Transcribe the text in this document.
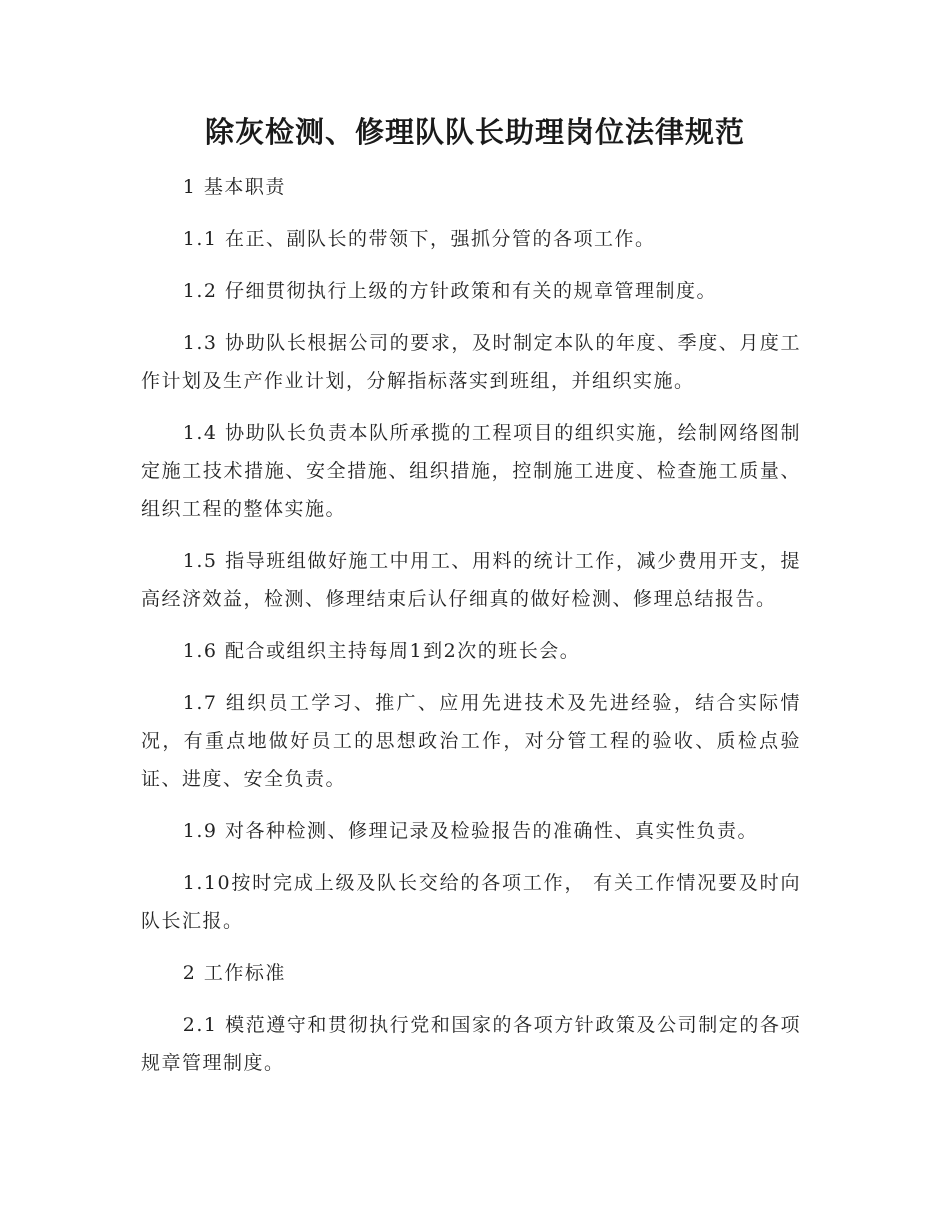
除灰检测、修理队队长助理岗位法律规范

1 基本职责

1.1 在正、副队长的带领下，强抓分管的各项工作。

1.2 仔细贯彻执行上级的方针政策和有关的规章管理制度。

1.3 协助队长根据公司的要求，及时制定本队的年度、季度、月度工作计划及生产作业计划，分解指标落实到班组，并组织实施。

1.4 协助队长负责本队所承揽的工程项目的组织实施，绘制网络图制定施工技术措施、安全措施、组织措施，控制施工进度、检查施工质量、组织工程的整体实施。

1.5 指导班组做好施工中用工、用料的统计工作，减少费用开支，提高经济效益，检测、修理结束后认仔细真的做好检测、修理总结报告。

1.6 配合或组织主持每周1到2次的班长会。

1.7 组织员工学习、推广、应用先进技术及先进经验，结合实际情况，有重点地做好员工的思想政治工作，对分管工程的验收、质检点验证、进度、安全负责。

1.9 对各种检测、修理记录及检验报告的准确性、真实性负责。

1.10按时完成上级及队长交给的各项工作， 有关工作情况要及时向队长汇报。

2 工作标准

2.1 模范遵守和贯彻执行党和国家的各项方针政策及公司制定的各项规章管理制度。
